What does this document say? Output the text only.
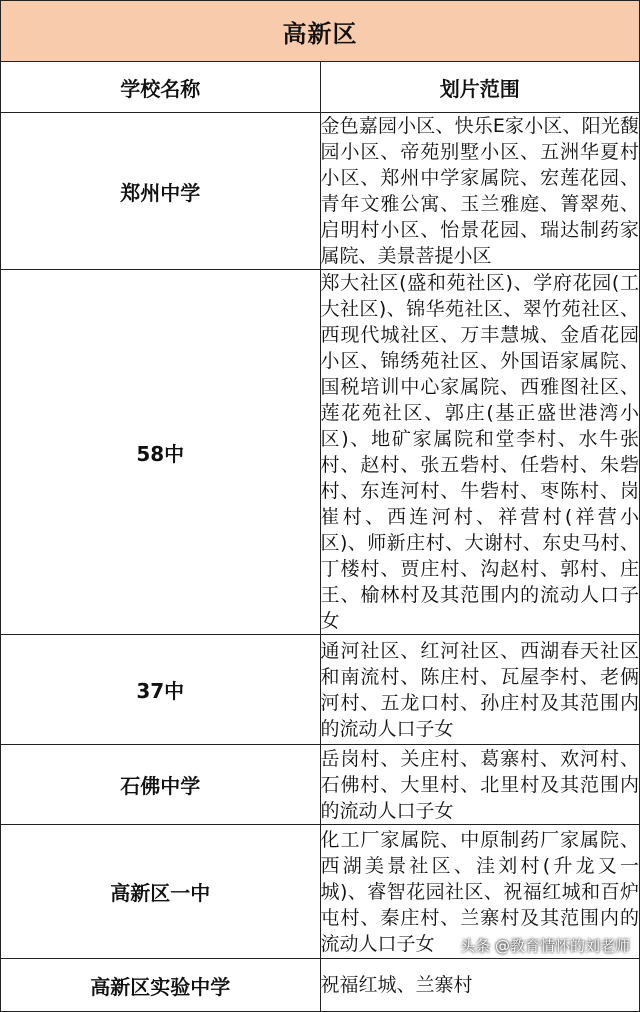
高新区	
学校名称	划片范围
郑州中学	金色嘉园小区、快乐E家小区、阳光馥园小区、帝苑别墅小区、五洲华夏村小区、郑州中学家属院、宏莲花园、青年文雅公寓、玉兰雅庭、箐翠苑、启明村小区、怡景花园、瑞达制药家属院、美景菩提小区
58中	郑大社区(盛和苑社区)、学府花园(工大社区)、锦华苑社区、翠竹苑社区、西现代城社区、万丰慧城、金盾花园小区、锦绣苑社区、外国语家属院、国税培训中心家属院、西雅图社区、莲花苑社区、郭庄(基正盛世港湾小区)、地矿家属院和堂李村、水牛张村、赵村、张五砦村、任砦村、朱砦村、东连河村、牛砦村、枣陈村、岗崔村、西连河村、祥营村(祥营小区)、师新庄村、大谢村、东史马村、丁楼村、贾庄村、沟赵村、郭村、庄王、榆林村及其范围内的流动人口子女
37中	通河社区、红河社区、西湖春天社区和南流村、陈庄村、瓦屋李村、老俩河村、五龙口村、孙庄村及其范围内的流动人口子女
石佛中学	岳岗村、关庄村、葛寨村、欢河村、石佛村、大里村、北里村及其范围内的流动人口子女
高新区一中	化工厂家属院、中原制药厂家属院、西湖美景社区、洼刘村(升龙又一城)、睿智花园社区、祝福红城和百炉屯村、秦庄村、兰寨村及其范围内的流动人口子女
高新区实验中学	祝福红城、兰寨村
头条 @教育情怀的刘老师
